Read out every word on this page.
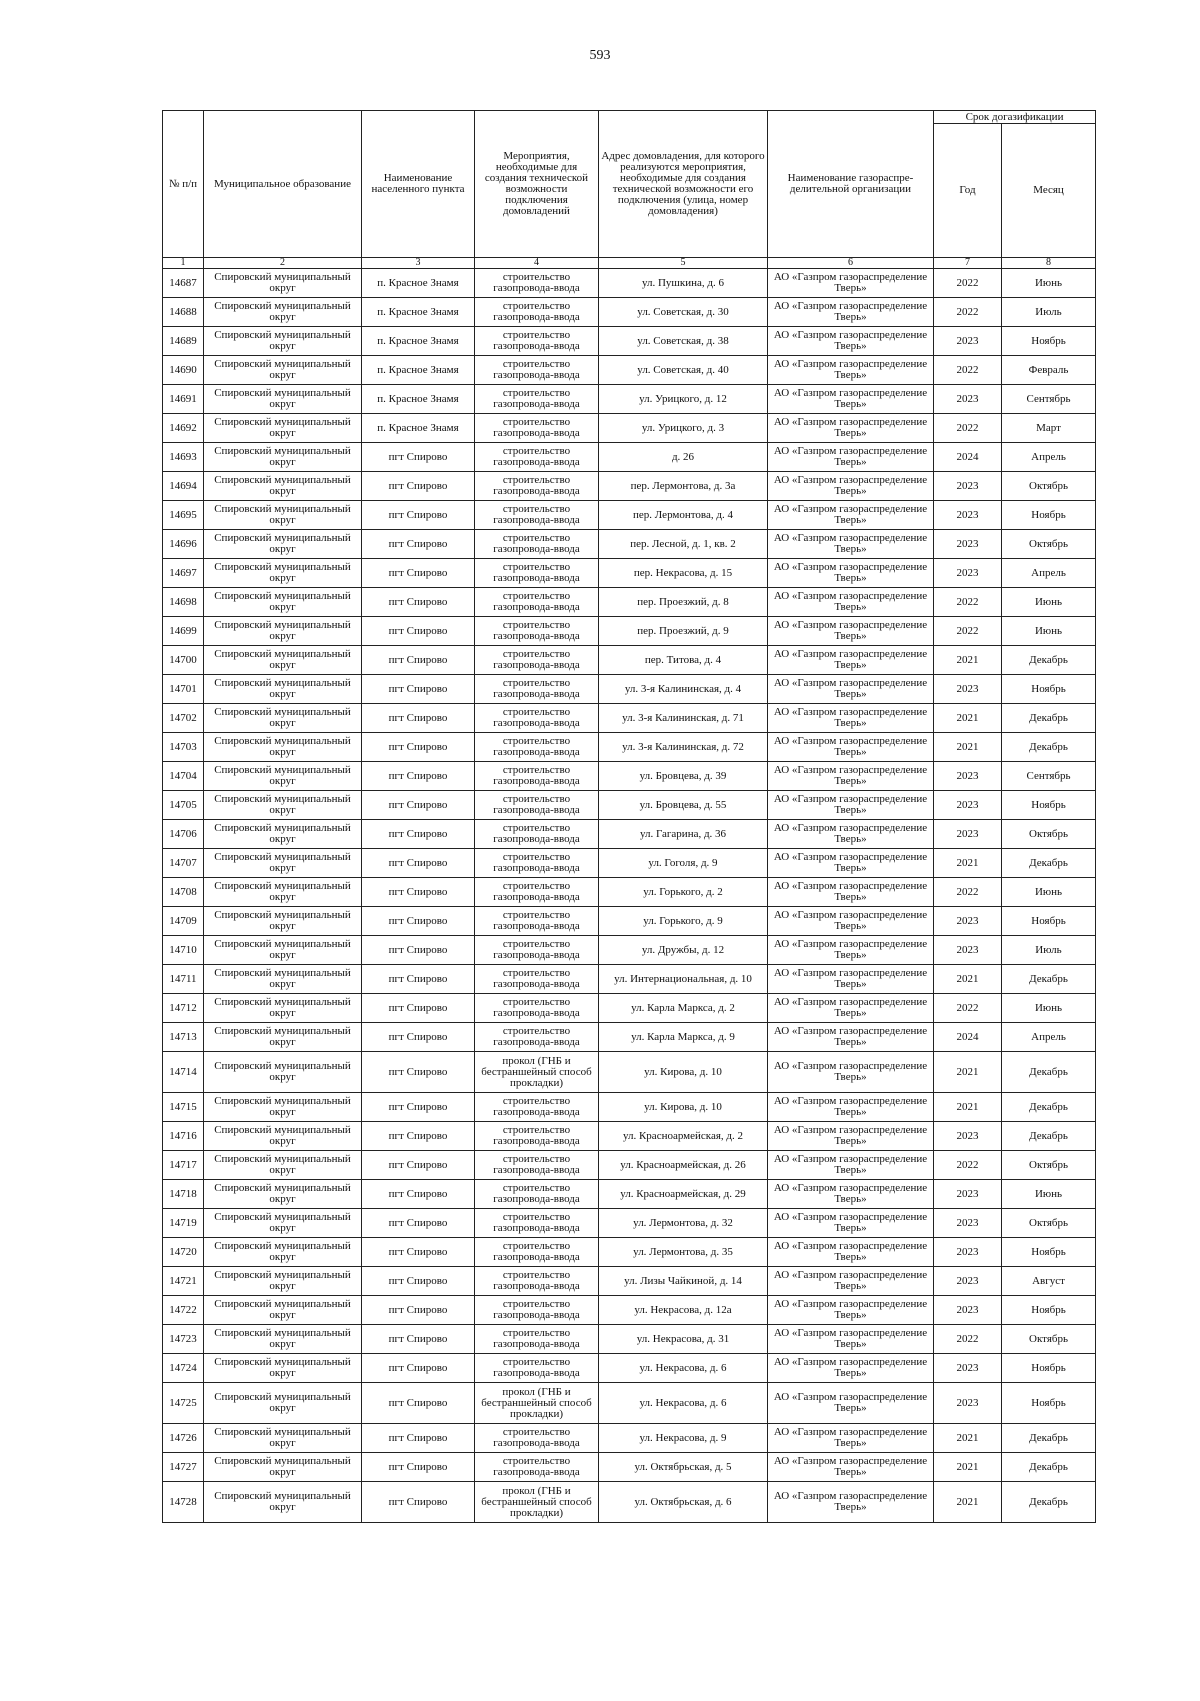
593
№ п/п	Муниципальное образование	Наименование населенного пункта	Мероприятия, необходимые для создания технической возможности подключения домовладений	Адрес домовладения, для которого реализуются мероприятия, необходимые для создания технической возможности его подключения (улица, номер домовладения)	Наименование газораспре-делительной организации	Срок догазификации	
						Год	Месяц
1	2	3	4	5	6	7	8
14687	Спировский муниципальный округ	п. Красное Знамя	строительство газопровода-ввода	ул. Пушкина, д. 6	АО «Газпром газораспределение Тверь»	2022	Июнь
14688	Спировский муниципальный округ	п. Красное Знамя	строительство газопровода-ввода	ул. Советская, д. 30	АО «Газпром газораспределение Тверь»	2022	Июль
14689	Спировский муниципальный округ	п. Красное Знамя	строительство газопровода-ввода	ул. Советская, д. 38	АО «Газпром газораспределение Тверь»	2023	Ноябрь
14690	Спировский муниципальный округ	п. Красное Знамя	строительство газопровода-ввода	ул. Советская, д. 40	АО «Газпром газораспределение Тверь»	2022	Февраль
14691	Спировский муниципальный округ	п. Красное Знамя	строительство газопровода-ввода	ул. Урицкого, д. 12	АО «Газпром газораспределение Тверь»	2023	Сентябрь
14692	Спировский муниципальный округ	п. Красное Знамя	строительство газопровода-ввода	ул. Урицкого, д. 3	АО «Газпром газораспределение Тверь»	2022	Март
14693	Спировский муниципальный округ	пгт Спирово	строительство газопровода-ввода	д. 26	АО «Газпром газораспределение Тверь»	2024	Апрель
14694	Спировский муниципальный округ	пгт Спирово	строительство газопровода-ввода	пер. Лермонтова, д. 3а	АО «Газпром газораспределение Тверь»	2023	Октябрь
14695	Спировский муниципальный округ	пгт Спирово	строительство газопровода-ввода	пер. Лермонтова, д. 4	АО «Газпром газораспределение Тверь»	2023	Ноябрь
14696	Спировский муниципальный округ	пгт Спирово	строительство газопровода-ввода	пер. Лесной, д. 1, кв. 2	АО «Газпром газораспределение Тверь»	2023	Октябрь
14697	Спировский муниципальный округ	пгт Спирово	строительство газопровода-ввода	пер. Некрасова, д. 15	АО «Газпром газораспределение Тверь»	2023	Апрель
14698	Спировский муниципальный округ	пгт Спирово	строительство газопровода-ввода	пер. Проезжий, д. 8	АО «Газпром газораспределение Тверь»	2022	Июнь
14699	Спировский муниципальный округ	пгт Спирово	строительство газопровода-ввода	пер. Проезжий, д. 9	АО «Газпром газораспределение Тверь»	2022	Июнь
14700	Спировский муниципальный округ	пгт Спирово	строительство газопровода-ввода	пер. Титова, д. 4	АО «Газпром газораспределение Тверь»	2021	Декабрь
14701	Спировский муниципальный округ	пгт Спирово	строительство газопровода-ввода	ул. 3-я Калининская, д. 4	АО «Газпром газораспределение Тверь»	2023	Ноябрь
14702	Спировский муниципальный округ	пгт Спирово	строительство газопровода-ввода	ул. 3-я Калининская, д. 71	АО «Газпром газораспределение Тверь»	2021	Декабрь
14703	Спировский муниципальный округ	пгт Спирово	строительство газопровода-ввода	ул. 3-я Калининская, д. 72	АО «Газпром газораспределение Тверь»	2021	Декабрь
14704	Спировский муниципальный округ	пгт Спирово	строительство газопровода-ввода	ул. Бровцева, д. 39	АО «Газпром газораспределение Тверь»	2023	Сентябрь
14705	Спировский муниципальный округ	пгт Спирово	строительство газопровода-ввода	ул. Бровцева, д. 55	АО «Газпром газораспределение Тверь»	2023	Ноябрь
14706	Спировский муниципальный округ	пгт Спирово	строительство газопровода-ввода	ул. Гагарина, д. 36	АО «Газпром газораспределение Тверь»	2023	Октябрь
14707	Спировский муниципальный округ	пгт Спирово	строительство газопровода-ввода	ул. Гоголя, д. 9	АО «Газпром газораспределение Тверь»	2021	Декабрь
14708	Спировский муниципальный округ	пгт Спирово	строительство газопровода-ввода	ул. Горького, д. 2	АО «Газпром газораспределение Тверь»	2022	Июнь
14709	Спировский муниципальный округ	пгт Спирово	строительство газопровода-ввода	ул. Горького, д. 9	АО «Газпром газораспределение Тверь»	2023	Ноябрь
14710	Спировский муниципальный округ	пгт Спирово	строительство газопровода-ввода	ул. Дружбы, д. 12	АО «Газпром газораспределение Тверь»	2023	Июль
14711	Спировский муниципальный округ	пгт Спирово	строительство газопровода-ввода	ул. Интернациональная, д. 10	АО «Газпром газораспределение Тверь»	2021	Декабрь
14712	Спировский муниципальный округ	пгт Спирово	строительство газопровода-ввода	ул. Карла Маркса, д. 2	АО «Газпром газораспределение Тверь»	2022	Июнь
14713	Спировский муниципальный округ	пгт Спирово	строительство газопровода-ввода	ул. Карла Маркса, д. 9	АО «Газпром газораспределение Тверь»	2024	Апрель
14714	Спировский муниципальный округ	пгт Спирово	прокол (ГНБ и бестраншейный способ прокладки)	ул. Кирова, д. 10	АО «Газпром газораспределение Тверь»	2021	Декабрь
14715	Спировский муниципальный округ	пгт Спирово	строительство газопровода-ввода	ул. Кирова, д. 10	АО «Газпром газораспределение Тверь»	2021	Декабрь
14716	Спировский муниципальный округ	пгт Спирово	строительство газопровода-ввода	ул. Красноармейская, д. 2	АО «Газпром газораспределение Тверь»	2023	Декабрь
14717	Спировский муниципальный округ	пгт Спирово	строительство газопровода-ввода	ул. Красноармейская, д. 26	АО «Газпром газораспределение Тверь»	2022	Октябрь
14718	Спировский муниципальный округ	пгт Спирово	строительство газопровода-ввода	ул. Красноармейская, д. 29	АО «Газпром газораспределение Тверь»	2023	Июнь
14719	Спировский муниципальный округ	пгт Спирово	строительство газопровода-ввода	ул. Лермонтова, д. 32	АО «Газпром газораспределение Тверь»	2023	Октябрь
14720	Спировский муниципальный округ	пгт Спирово	строительство газопровода-ввода	ул. Лермонтова, д. 35	АО «Газпром газораспределение Тверь»	2023	Ноябрь
14721	Спировский муниципальный округ	пгт Спирово	строительство газопровода-ввода	ул. Лизы Чайкиной, д. 14	АО «Газпром газораспределение Тверь»	2023	Август
14722	Спировский муниципальный округ	пгт Спирово	строительство газопровода-ввода	ул. Некрасова, д. 12а	АО «Газпром газораспределение Тверь»	2023	Ноябрь
14723	Спировский муниципальный округ	пгт Спирово	строительство газопровода-ввода	ул. Некрасова, д. 31	АО «Газпром газораспределение Тверь»	2022	Октябрь
14724	Спировский муниципальный округ	пгт Спирово	строительство газопровода-ввода	ул. Некрасова, д. 6	АО «Газпром газораспределение Тверь»	2023	Ноябрь
14725	Спировский муниципальный округ	пгт Спирово	прокол (ГНБ и бестраншейный способ прокладки)	ул. Некрасова, д. 6	АО «Газпром газораспределение Тверь»	2023	Ноябрь
14726	Спировский муниципальный округ	пгт Спирово	строительство газопровода-ввода	ул. Некрасова, д. 9	АО «Газпром газораспределение Тверь»	2021	Декабрь
14727	Спировский муниципальный округ	пгт Спирово	строительство газопровода-ввода	ул. Октябрьская, д. 5	АО «Газпром газораспределение Тверь»	2021	Декабрь
14728	Спировский муниципальный округ	пгт Спирово	прокол (ГНБ и бестраншейный способ прокладки)	ул. Октябрьская, д. 6	АО «Газпром газораспределение Тверь»	2021	Декабрь
